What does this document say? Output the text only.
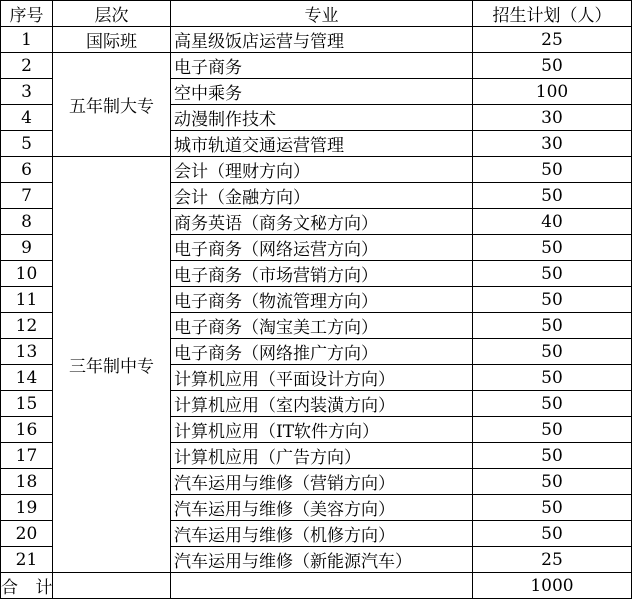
序号	层次	专业	招生计划（人）
1	国际班	高星级饭店运营与管理	25
2	五年制大专	电子商务	50
3		空中乘务	100
4		动漫制作技术	30
5		城市轨道交通运营管理	30
6	三年制中专	会计（理财方向）	50
7		会计（金融方向）	50
8		商务英语（商务文秘方向）	40
9		电子商务（网络运营方向）	50
10		电子商务（市场营销方向）	50
11		电子商务（物流管理方向）	50
12		电子商务（淘宝美工方向）	50
13		电子商务（网络推广方向）	50
14		计算机应用（平面设计方向）	50
15		计算机应用（室内装潢方向）	50
16		计算机应用（IT软件方向）	50
17		计算机应用（广告方向）	50
18		汽车运用与维修（营销方向）	50
19		汽车运用与维修（美容方向）	50
20		汽车运用与维修（机修方向）	50
21		汽车运用与维修（新能源汽车）	25
合 计			1000
